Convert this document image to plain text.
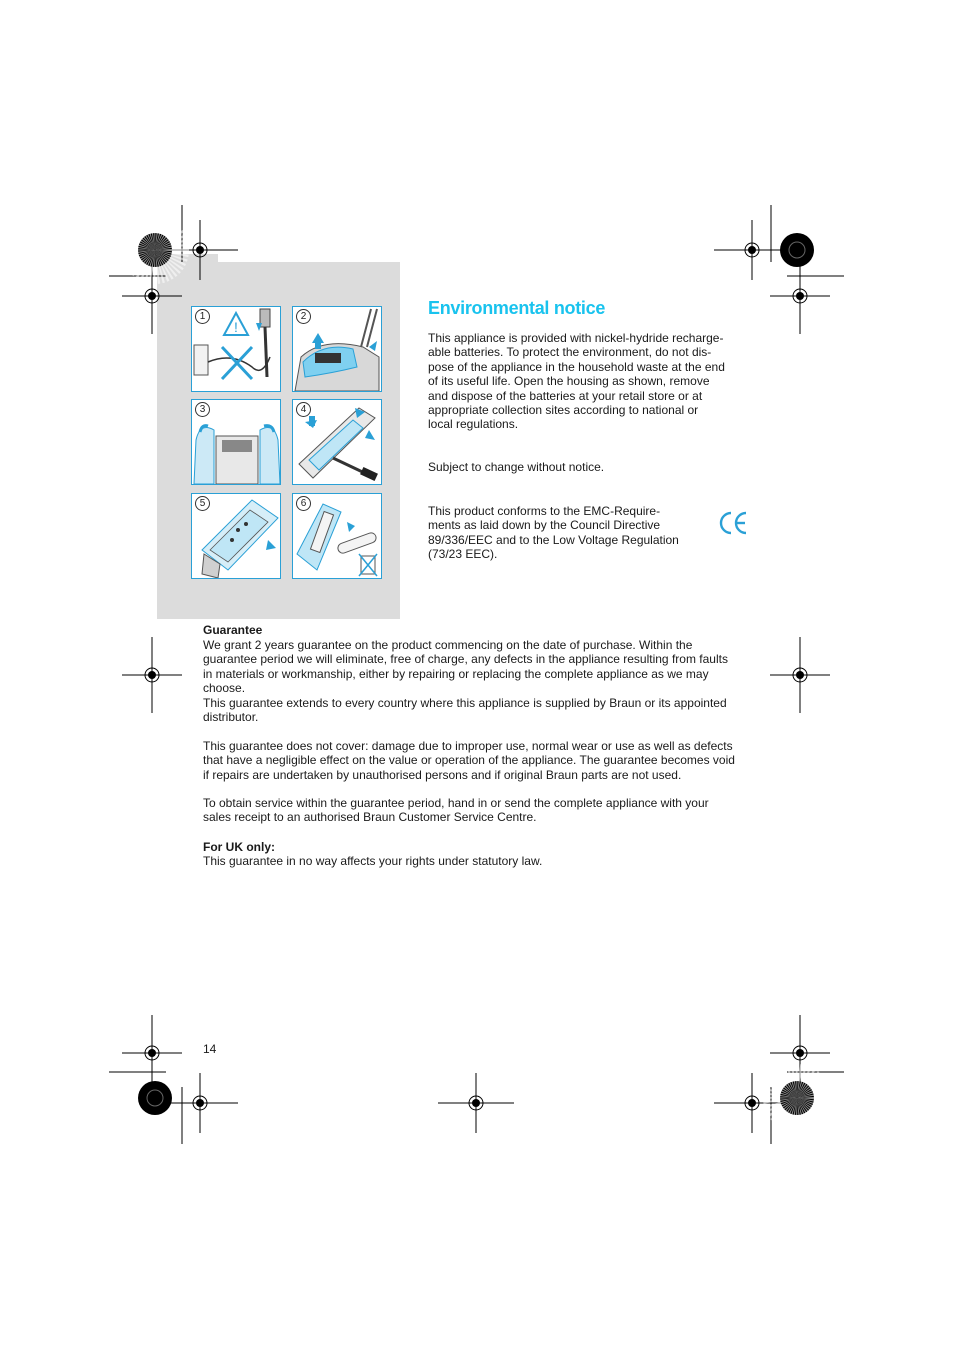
!
1	2
3	4
5	6
Environmental notice

This appliance is provided with nickel-hydride recharge-
able batteries. To protect the environment, do not dis-
pose of the appliance in the household waste at the end
of its useful life. Open the housing as shown, remove
and dispose of the batteries at your retail store or at
appropriate collection sites according to national or
local regulations.

Subject to change without notice.

This product conforms to the EMC-Require-
ments as laid down by the Council Directive
89/336/EEC and to the Low Voltage Regulation
(73/23 EEC).

Guarantee

We grant 2 years guarantee on the product commencing on the date of purchase. Within the
guarantee period we will eliminate, free of charge, any defects in the appliance resulting from faults
in materials or workmanship, either by repairing or replacing the complete appliance as we may
choose.
This guarantee extends to every country where this appliance is supplied by Braun or its appointed
distributor.

This guarantee does not cover: damage due to improper use, normal wear or use as well as defects
that have a negligible effect on the value or operation of the appliance. The guarantee becomes void
if repairs are undertaken by unauthorised persons and if original Braun parts are not used.

To obtain service within the guarantee period, hand in or send the complete appliance with your
sales receipt to an authorised Braun Customer Service Centre.

For UK only:

This guarantee in no way affects your rights under statutory law.

14
